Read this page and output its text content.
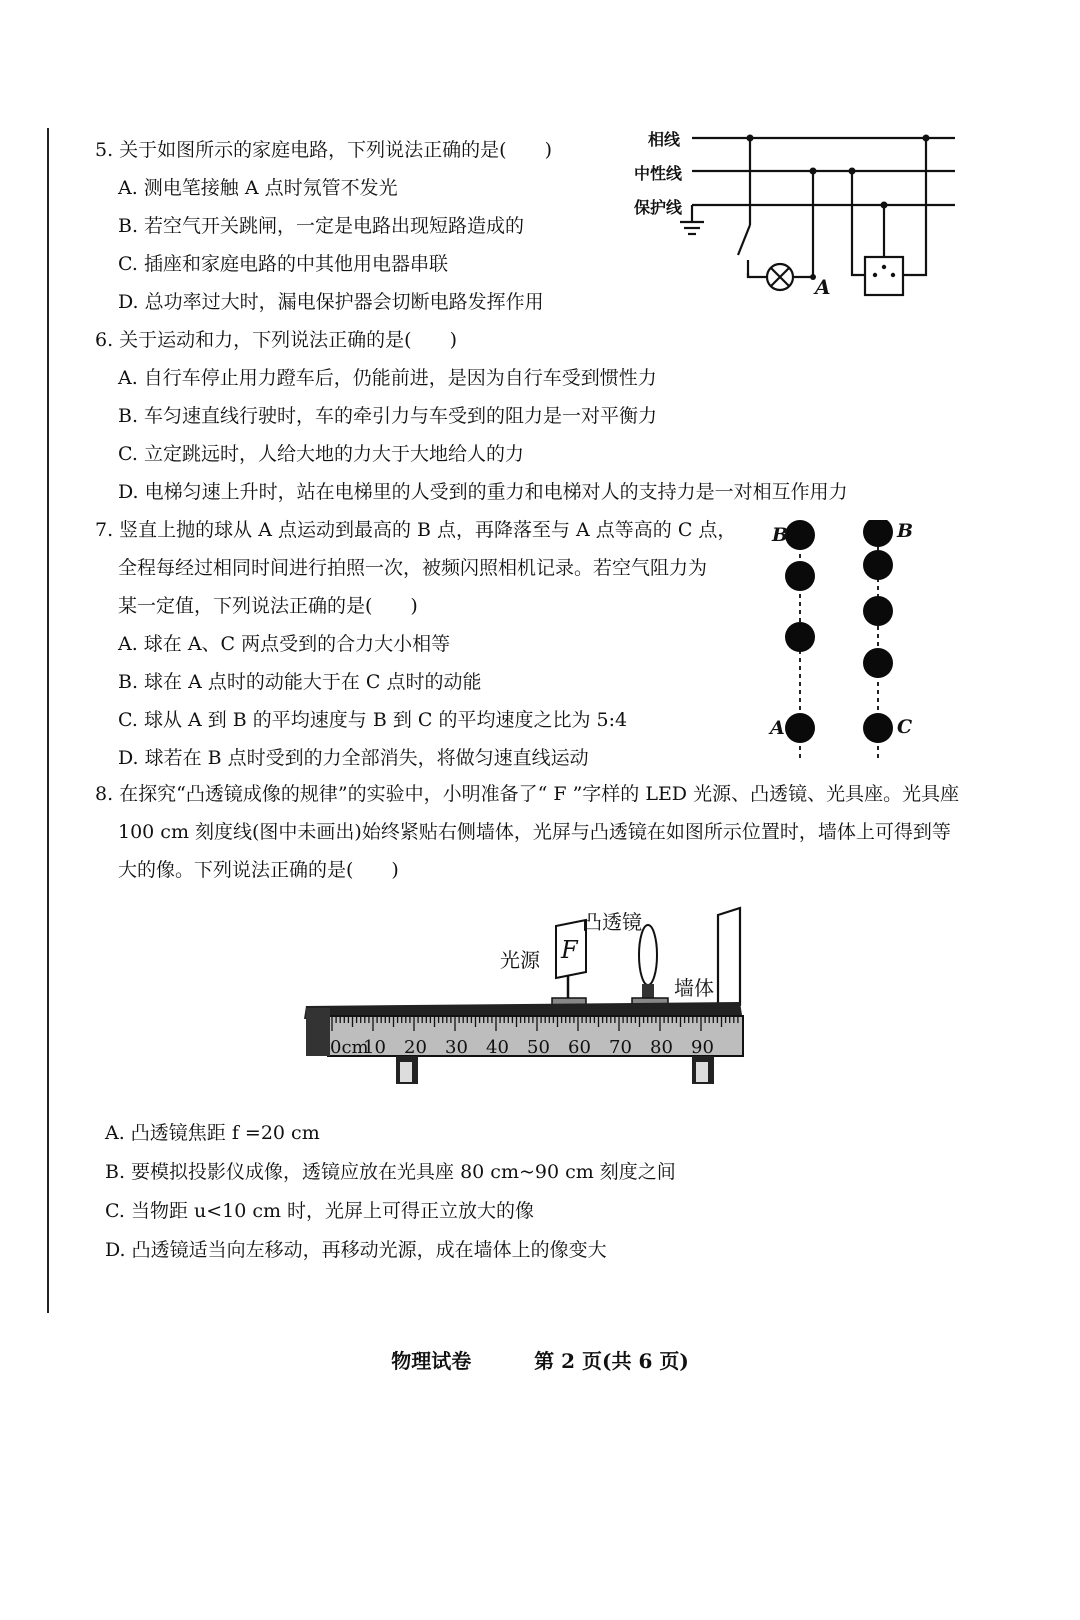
5. 关于如图所示的家庭电路，下列说法正确的是(　　)
A. 测电笔接触 A 点时氖管不发光
B. 若空气开关跳闸，一定是电路出现短路造成的
C. 插座和家庭电路的中其他用电器串联
D. 总功率过大时，漏电保护器会切断电路发挥作用
相线
中性线
保护线
A
6. 关于运动和力，下列说法正确的是(　　)
A. 自行车停止用力蹬车后，仍能前进，是因为自行车受到惯性力
B. 车匀速直线行驶时，车的牵引力与车受到的阻力是一对平衡力
C. 立定跳远时，人给大地的力大于大地给人的力
D. 电梯匀速上升时，站在电梯里的人受到的重力和电梯对人的支持力是一对相互作用力
7. 竖直上抛的球从 A 点运动到最高的 B 点，再降落至与 A 点等高的 C 点，
全程每经过相同时间进行拍照一次，被频闪照相机记录。若空气阻力为
某一定值，下列说法正确的是(　　)
A. 球在 A、C 两点受到的合力大小相等
B. 球在 A 点时的动能大于在 C 点时的动能
C. 球从 A 到 B 的平均速度与 B 到 C 的平均速度之比为 5:4
D. 球若在 B 点时受到的力全部消失，将做匀速直线运动
B
A
B
C
8. 在探究“凸透镜成像的规律”的实验中，小明准备了“ F ”字样的 LED 光源、凸透镜、光具座。光具座
100 cm 刻度线(图中未画出)始终紧贴右侧墙体，光屏与凸透镜在如图所示位置时，墙体上可得到等
大的像。下列说法正确的是(　　)
凸透镜
光源 F
墙体
0cm
10 20 30 40 50 60 70 80 90
A. 凸透镜焦距 f =20 cm
B. 要模拟投影仪成像，透镜应放在光具座 80 cm~90 cm 刻度之间
C. 当物距 u<10 cm 时，光屏上可得正立放大的像
D. 凸透镜适当向左移动，再移动光源，成在墙体上的像变大
物理试卷	第 2 页(共 6 页)
